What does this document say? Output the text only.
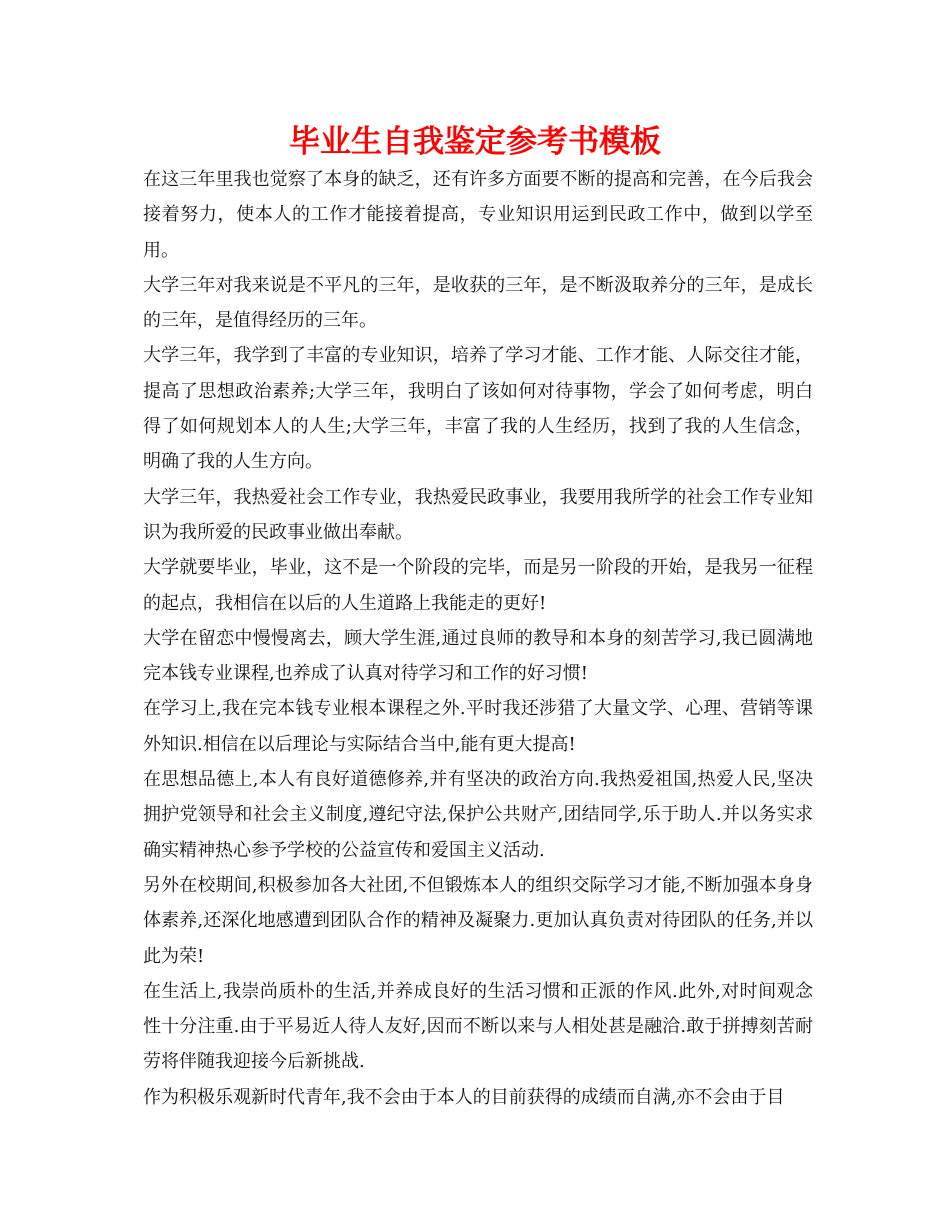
毕业生自我鉴定参考书模板

在这三年里我也觉察了本身的缺乏，还有许多方面要不断的提高和完善，在今后我会接着努力，使本人的工作才能接着提高，专业知识用运到民政工作中，做到以学至用。

大学三年对我来说是不平凡的三年，是收获的三年，是不断汲取养分的三年，是成长的三年，是值得经历的三年。

大学三年，我学到了丰富的专业知识，培养了学习才能、工作才能、人际交往才能，提高了思想政治素养;大学三年，我明白了该如何对待事物，学会了如何考虑，明白得了如何规划本人的人生;大学三年，丰富了我的人生经历，找到了我的人生信念，明确了我的人生方向。

大学三年，我热爱社会工作专业，我热爱民政事业，我要用我所学的社会工作专业知识为我所爱的民政事业做出奉献。

大学就要毕业，毕业，这不是一个阶段的完毕，而是另一阶段的开始，是我另一征程的起点，我相信在以后的人生道路上我能走的更好!

大学在留恋中慢慢离去，顾大学生涯,通过良师的教导和本身的刻苦学习,我已圆满地完本钱专业课程,也养成了认真对待学习和工作的好习惯!

在学习上,我在完本钱专业根本课程之外.平时我还涉猎了大量文学、心理、营销等课外知识.相信在以后理论与实际结合当中,能有更大提高!

在思想品德上,本人有良好道德修养,并有坚决的政治方向.我热爱祖国,热爱人民,坚决拥护党领导和社会主义制度,遵纪守法,保护公共财产,团结同学,乐于助人.并以务实求确实精神热心参予学校的公益宣传和爱国主义活动.

另外在校期间,积极参加各大社团,不但锻炼本人的组织交际学习才能,不断加强本身身体素养,还深化地感遭到团队合作的精神及凝聚力.更加认真负责对待团队的任务,并以此为荣!

在生活上,我崇尚质朴的生活,并养成良好的生活习惯和正派的作风.此外,对时间观念性十分注重.由于平易近人待人友好,因而不断以来与人相处甚是融洽.敢于拼搏刻苦耐劳将伴随我迎接今后新挑战.

作为积极乐观新时代青年,我不会由于本人的目前获得的成绩而自满,亦不会由于目
